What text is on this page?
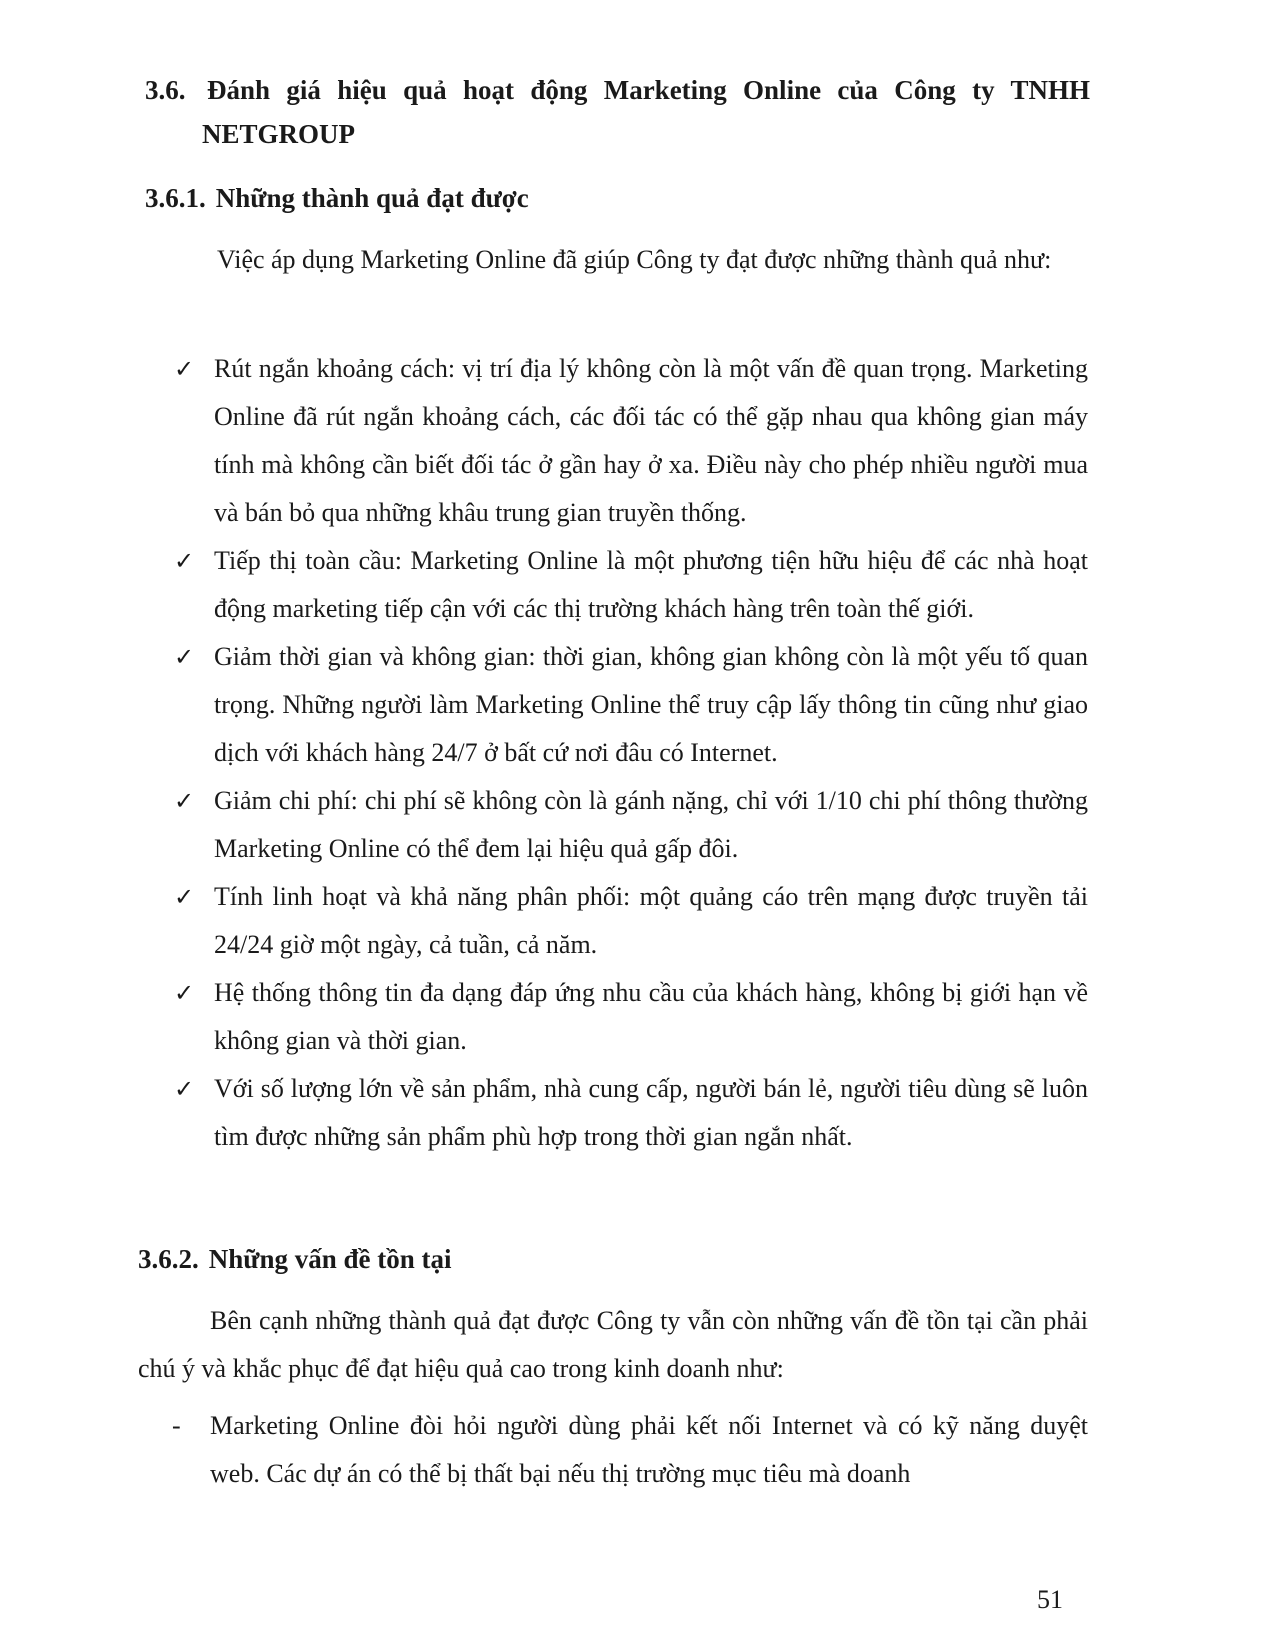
3.6. Đánh giá hiệu quả hoạt động Marketing Online của Công ty TNHH
NETGROUP
3.6.1. Những thành quả đạt được

Việc áp dụng Marketing Online đã giúp Công ty đạt được những thành quả như:

✓ Rút ngắn khoảng cách: vị trí địa lý không còn là một vấn đề quan trọng. Marketing Online đã rút ngắn khoảng cách, các đối tác có thể gặp nhau qua không gian máy tính mà không cần biết đối tác ở gần hay ở xa. Điều này cho phép nhiều người mua và bán bỏ qua những khâu trung gian truyền thống.
✓ Tiếp thị toàn cầu: Marketing Online là một phương tiện hữu hiệu để các nhà hoạt động marketing tiếp cận với các thị trường khách hàng trên toàn thế giới.
✓ Giảm thời gian và không gian: thời gian, không gian không còn là một yếu tố quan trọng. Những người làm Marketing Online thể truy cập lấy thông tin cũng như giao dịch với khách hàng 24/7 ở bất cứ nơi đâu có Internet.
✓ Giảm chi phí: chi phí sẽ không còn là gánh nặng, chỉ với 1/10 chi phí thông thường Marketing Online có thể đem lại hiệu quả gấp đôi.
✓ Tính linh hoạt và khả năng phân phối: một quảng cáo trên mạng được truyền tải 24/24 giờ một ngày, cả tuần, cả năm.
✓ Hệ thống thông tin đa dạng đáp ứng nhu cầu của khách hàng, không bị giới hạn về không gian và thời gian.
✓ Với số lượng lớn về sản phẩm, nhà cung cấp, người bán lẻ, người tiêu dùng sẽ luôn tìm được những sản phẩm phù hợp trong thời gian ngắn nhất.
3.6.2. Những vấn đề tồn tại

Bên cạnh những thành quả đạt được Công ty vẫn còn những vấn đề tồn tại cần phải chú ý và khắc phục để đạt hiệu quả cao trong kinh doanh như:

- Marketing Online đòi hỏi người dùng phải kết nối Internet và có kỹ năng duyệt web. Các dự án có thể bị thất bại nếu thị trường mục tiêu mà doanh
51
